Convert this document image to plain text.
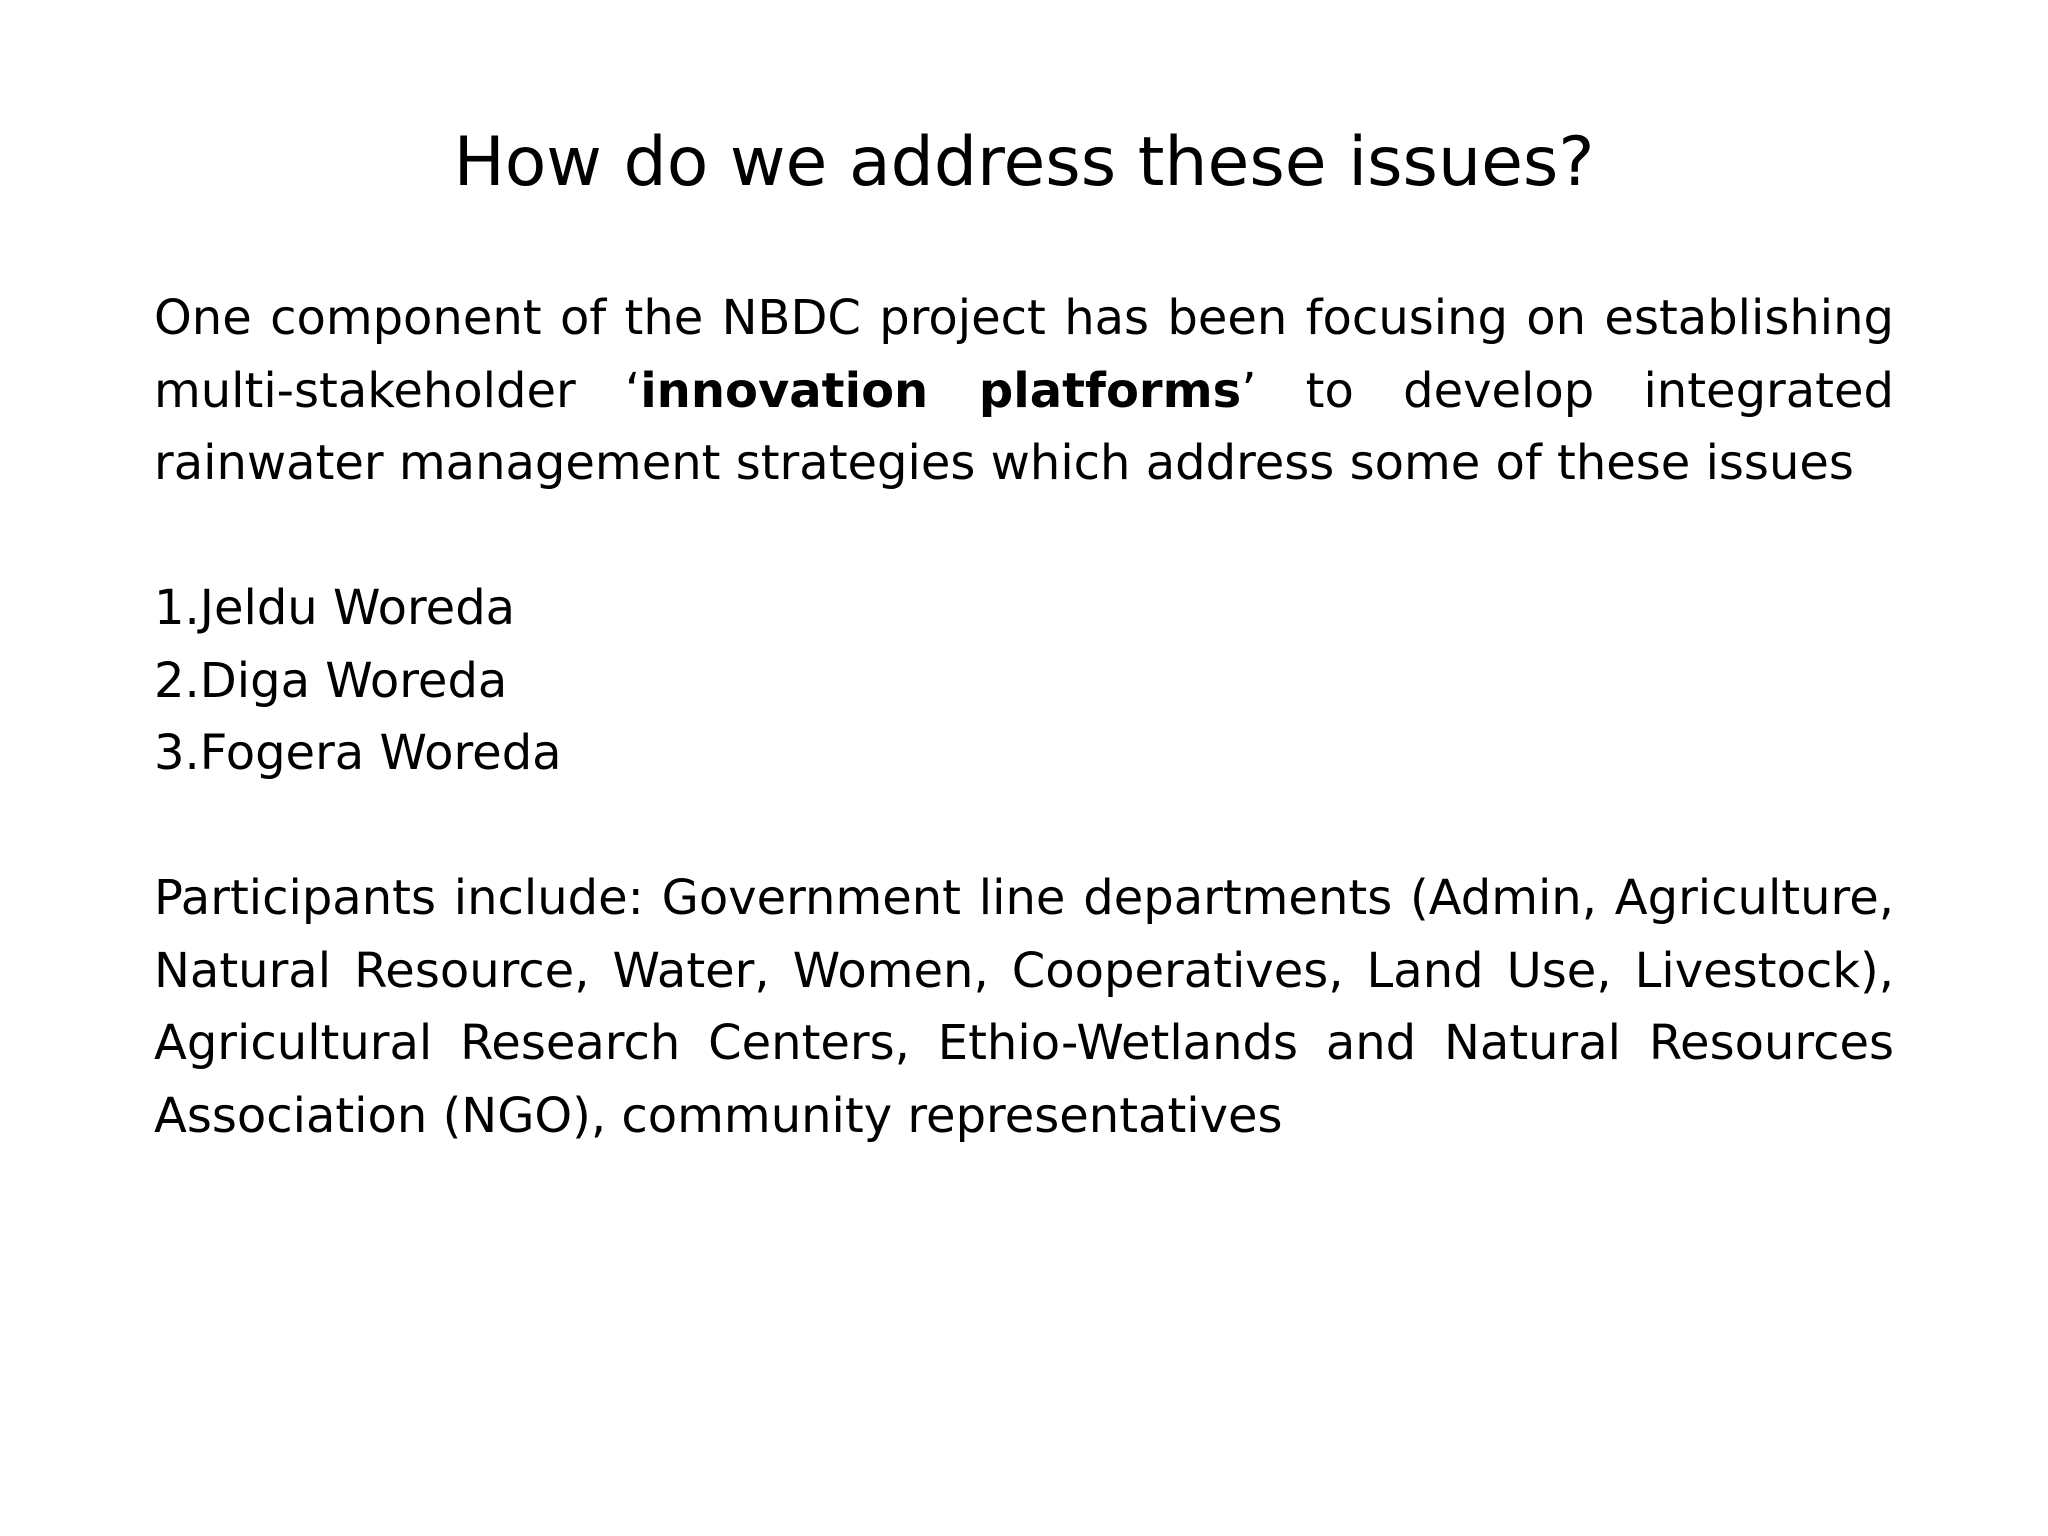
How do we address these issues?

One component of the NBDC project has been focusing on establishing multi-stakeholder ‘innovation platforms’ to develop integrated rainwater management strategies which address some of these issues

1.Jeldu Woreda
2.Diga Woreda
3.Fogera Woreda

Participants include: Government line departments (Admin, Agriculture, Natural Resource, Water, Women, Cooperatives, Land Use, Livestock), Agricultural Research Centers, Ethio-Wetlands and Natural Resources Association (NGO), community representatives
